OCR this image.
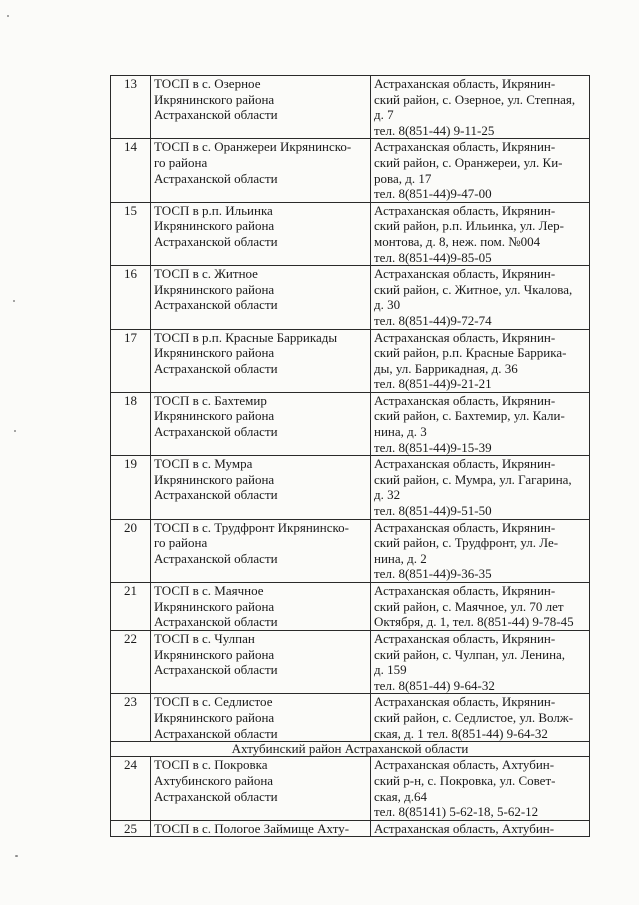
13	ТОСП в с. Озерное
Икрянинского района
Астраханской области	Астраханская область, Икрянин-
ский район, с. Озерное, ул. Степная,
д. 7
тел. 8(851-44) 9-11-25
14	ТОСП в с. Оранжереи Икрянинско-
го района
Астраханской области	Астраханская область, Икрянин-
ский район, с. Оранжереи, ул. Ки-
рова, д. 17
тел. 8(851-44)9-47-00
15	ТОСП в р.п. Ильинка
Икрянинского района
Астраханской области	Астраханская область, Икрянин-
ский район, р.п. Ильинка, ул. Лер-
монтова, д. 8, неж. пом. №004
тел. 8(851-44)9-85-05
16	ТОСП в с. Житное
Икрянинского района
Астраханской области	Астраханская область, Икрянин-
ский район, с. Житное, ул. Чкалова,
д. 30
тел. 8(851-44)9-72-74
17	ТОСП в р.п. Красные Баррикады
Икрянинского района
Астраханской области	Астраханская область, Икрянин-
ский район, р.п. Красные Баррика-
ды, ул. Баррикадная, д. 36
тел. 8(851-44)9-21-21
18	ТОСП в с. Бахтемир
Икрянинского района
Астраханской области	Астраханская область, Икрянин-
ский район, с. Бахтемир, ул. Кали-
нина, д. 3
тел. 8(851-44)9-15-39
19	ТОСП в с. Мумра
Икрянинского района
Астраханской области	Астраханская область, Икрянин-
ский район, с. Мумра, ул. Гагарина,
д. 32
тел. 8(851-44)9-51-50
20	ТОСП в с. Трудфронт Икрянинско-
го района
Астраханской области	Астраханская область, Икрянин-
ский район, с. Трудфронт, ул. Ле-
нина, д. 2
тел. 8(851-44)9-36-35
21	ТОСП в с. Маячное
Икрянинского района
Астраханской области	Астраханская область, Икрянин-
ский район, с. Маячное, ул. 70 лет
Октября, д. 1, тел. 8(851-44) 9-78-45
22	ТОСП в с. Чулпан
Икрянинского района
Астраханской области	Астраханская область, Икрянин-
ский район, с. Чулпан, ул. Ленина,
д. 159
тел. 8(851-44) 9-64-32
23	ТОСП в с. Седлистое
Икрянинского района
Астраханской области	Астраханская область, Икрянин-
ский район, с. Седлистое, ул. Волж-
ская, д. 1 тел. 8(851-44) 9-64-32
Ахтубинский район Астраханской области		
24	ТОСП в с. Покровка
Ахтубинского района
Астраханской области	Астраханская область, Ахтубин-
ский р-н, с. Покровка, ул. Совет-
ская, д.64
тел. 8(85141) 5-62-18, 5-62-12
25	ТОСП в с. Пологое Займище Ахту-	Астраханская область, Ахтубин-
